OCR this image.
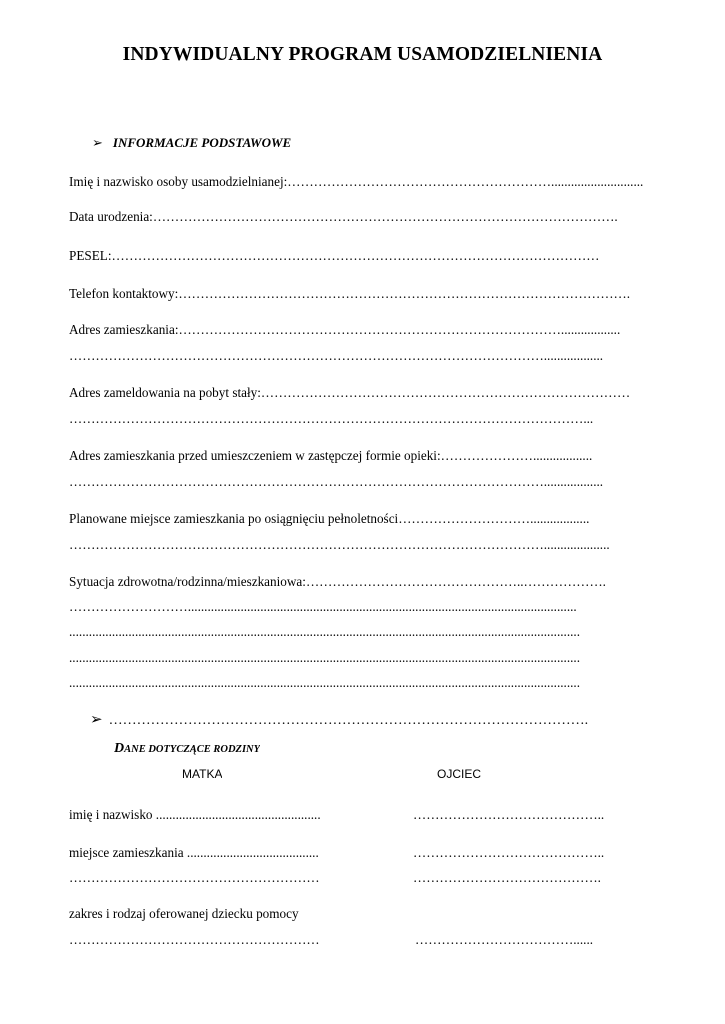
INDYWIDUALNY PROGRAM USAMODZIELNIENIA
➢ INFORMACJE PODSTAWOWE
Imię i nazwisko osoby usamodzielnianej:……………………………………………………............................
Data urodzenia:…………………………………………………………………………………………….
PESEL:…………………………………………………………………………………………………
Telefon kontaktowy:………………………………………………………………………………………….
Adres zamieszkania:……………………………………………………………………………..................
………………………………………………………………………………………………..................
Adres zameldowania na pobyt stały:…………………………………………………………………………
………………………………………………………………………………………………………...
Adres zamieszkania przed umieszczeniem w zastępczej formie opieki:…………………..................
………………………………………………………………………………………………..................
Planowane miejsce zamieszkania po osiągnięciu pełnoletności…………………………..................
………………………………………………………………………………………………....................
Sytuacja zdrowotna/rodzinna/mieszkaniowa:…………………………………………..……………….
………………………......................................................................................................................
...........................................................................................................................................................
...........................................................................................................................................................
...........................................................................................................................................................
➢ ………………………………………………………………………………………….
DANE DOTYCZĄCE RODZINY
MATKA	OJCIEC
imię i nazwisko ..................................................	……………………………………..
miejsce zamieszkania ........................................	……………………………………..
…………………………………………………	…………………………………….
zakres i rodzaj oferowanej dziecku pomocy
…………………………………………………	………………………………......
